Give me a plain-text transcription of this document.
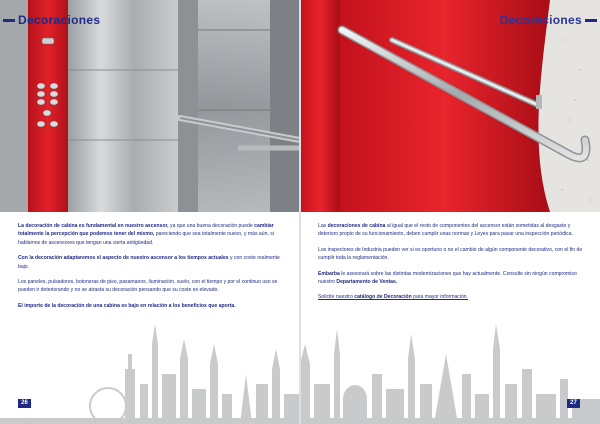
Decoraciones

La decoración de cabina es fundamental en nuestro ascensor, ya que una buena decoración puede cambiar totalmente la percepción que podemos tener del mismo, pareciendo que sea totalmente nuevo, y más aún, si hablamos de ascensores que tengan una cierta antigüedad.

Con la decoración adaptaremos el aspecto de nuestro ascensor a los tiempos actuales y con coste realmente bajo.

Los paneles, pulsadores, botoneras de piso, pasamanos, iluminación, suelo, con el tiempo y por el continuo uso se pueden ir deteriorando y no se atrasta su decoración pensando que su coste es elevado.

El importe de la decoración de una cabina es bajo en relación a los beneficios que aporta.

26
Decoraciones

Las decoraciones de cabina al igual que el resto de componentes del ascensor están sometidas al desgaste y deterioro propio de su funcionamiento, deben cumplir unas normas y Leyes para pasar una inspección periódica.

Los inspectores de Industria pueden ver si es oportuno o no el cambio de algún componente decorativo, con el fin de cumplir toda la reglamentación.

Embarba le asesorará sobre las distintas modernizaciones que hay actualmente. Consulte sin ningún compromiso nuestro Departamento de Ventas.

Solicite nuestro catálogo de Decoración para mayor información.

27
